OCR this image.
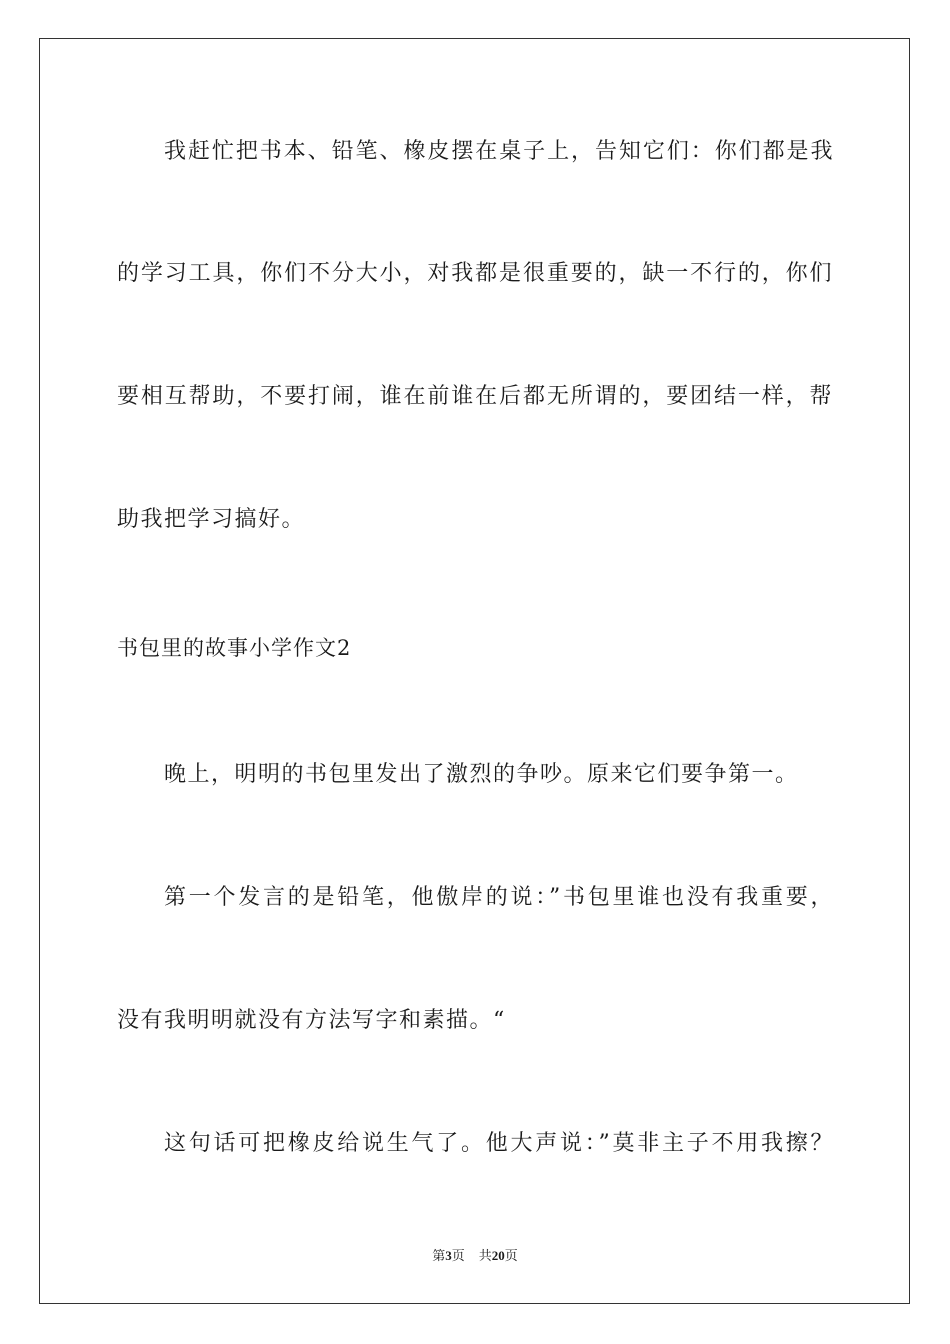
我赶忙把书本、铅笔、橡皮摆在桌子上，告知它们：你们都是我
的学习工具，你们不分大小，对我都是很重要的，缺一不行的，你们
要相互帮助，不要打闹，谁在前谁在后都无所谓的，要团结一样，帮
助我把学习搞好。
书包里的故事小学作文2
晚上，明明的书包里发出了激烈的争吵。原来它们要争第一。
第一个发言的是铅笔，他傲岸的说：”书包里谁也没有我重要，
没有我明明就没有方法写字和素描。“
这句话可把橡皮给说生气了。他大声说：”莫非主子不用我擦？
第3页 共20页
